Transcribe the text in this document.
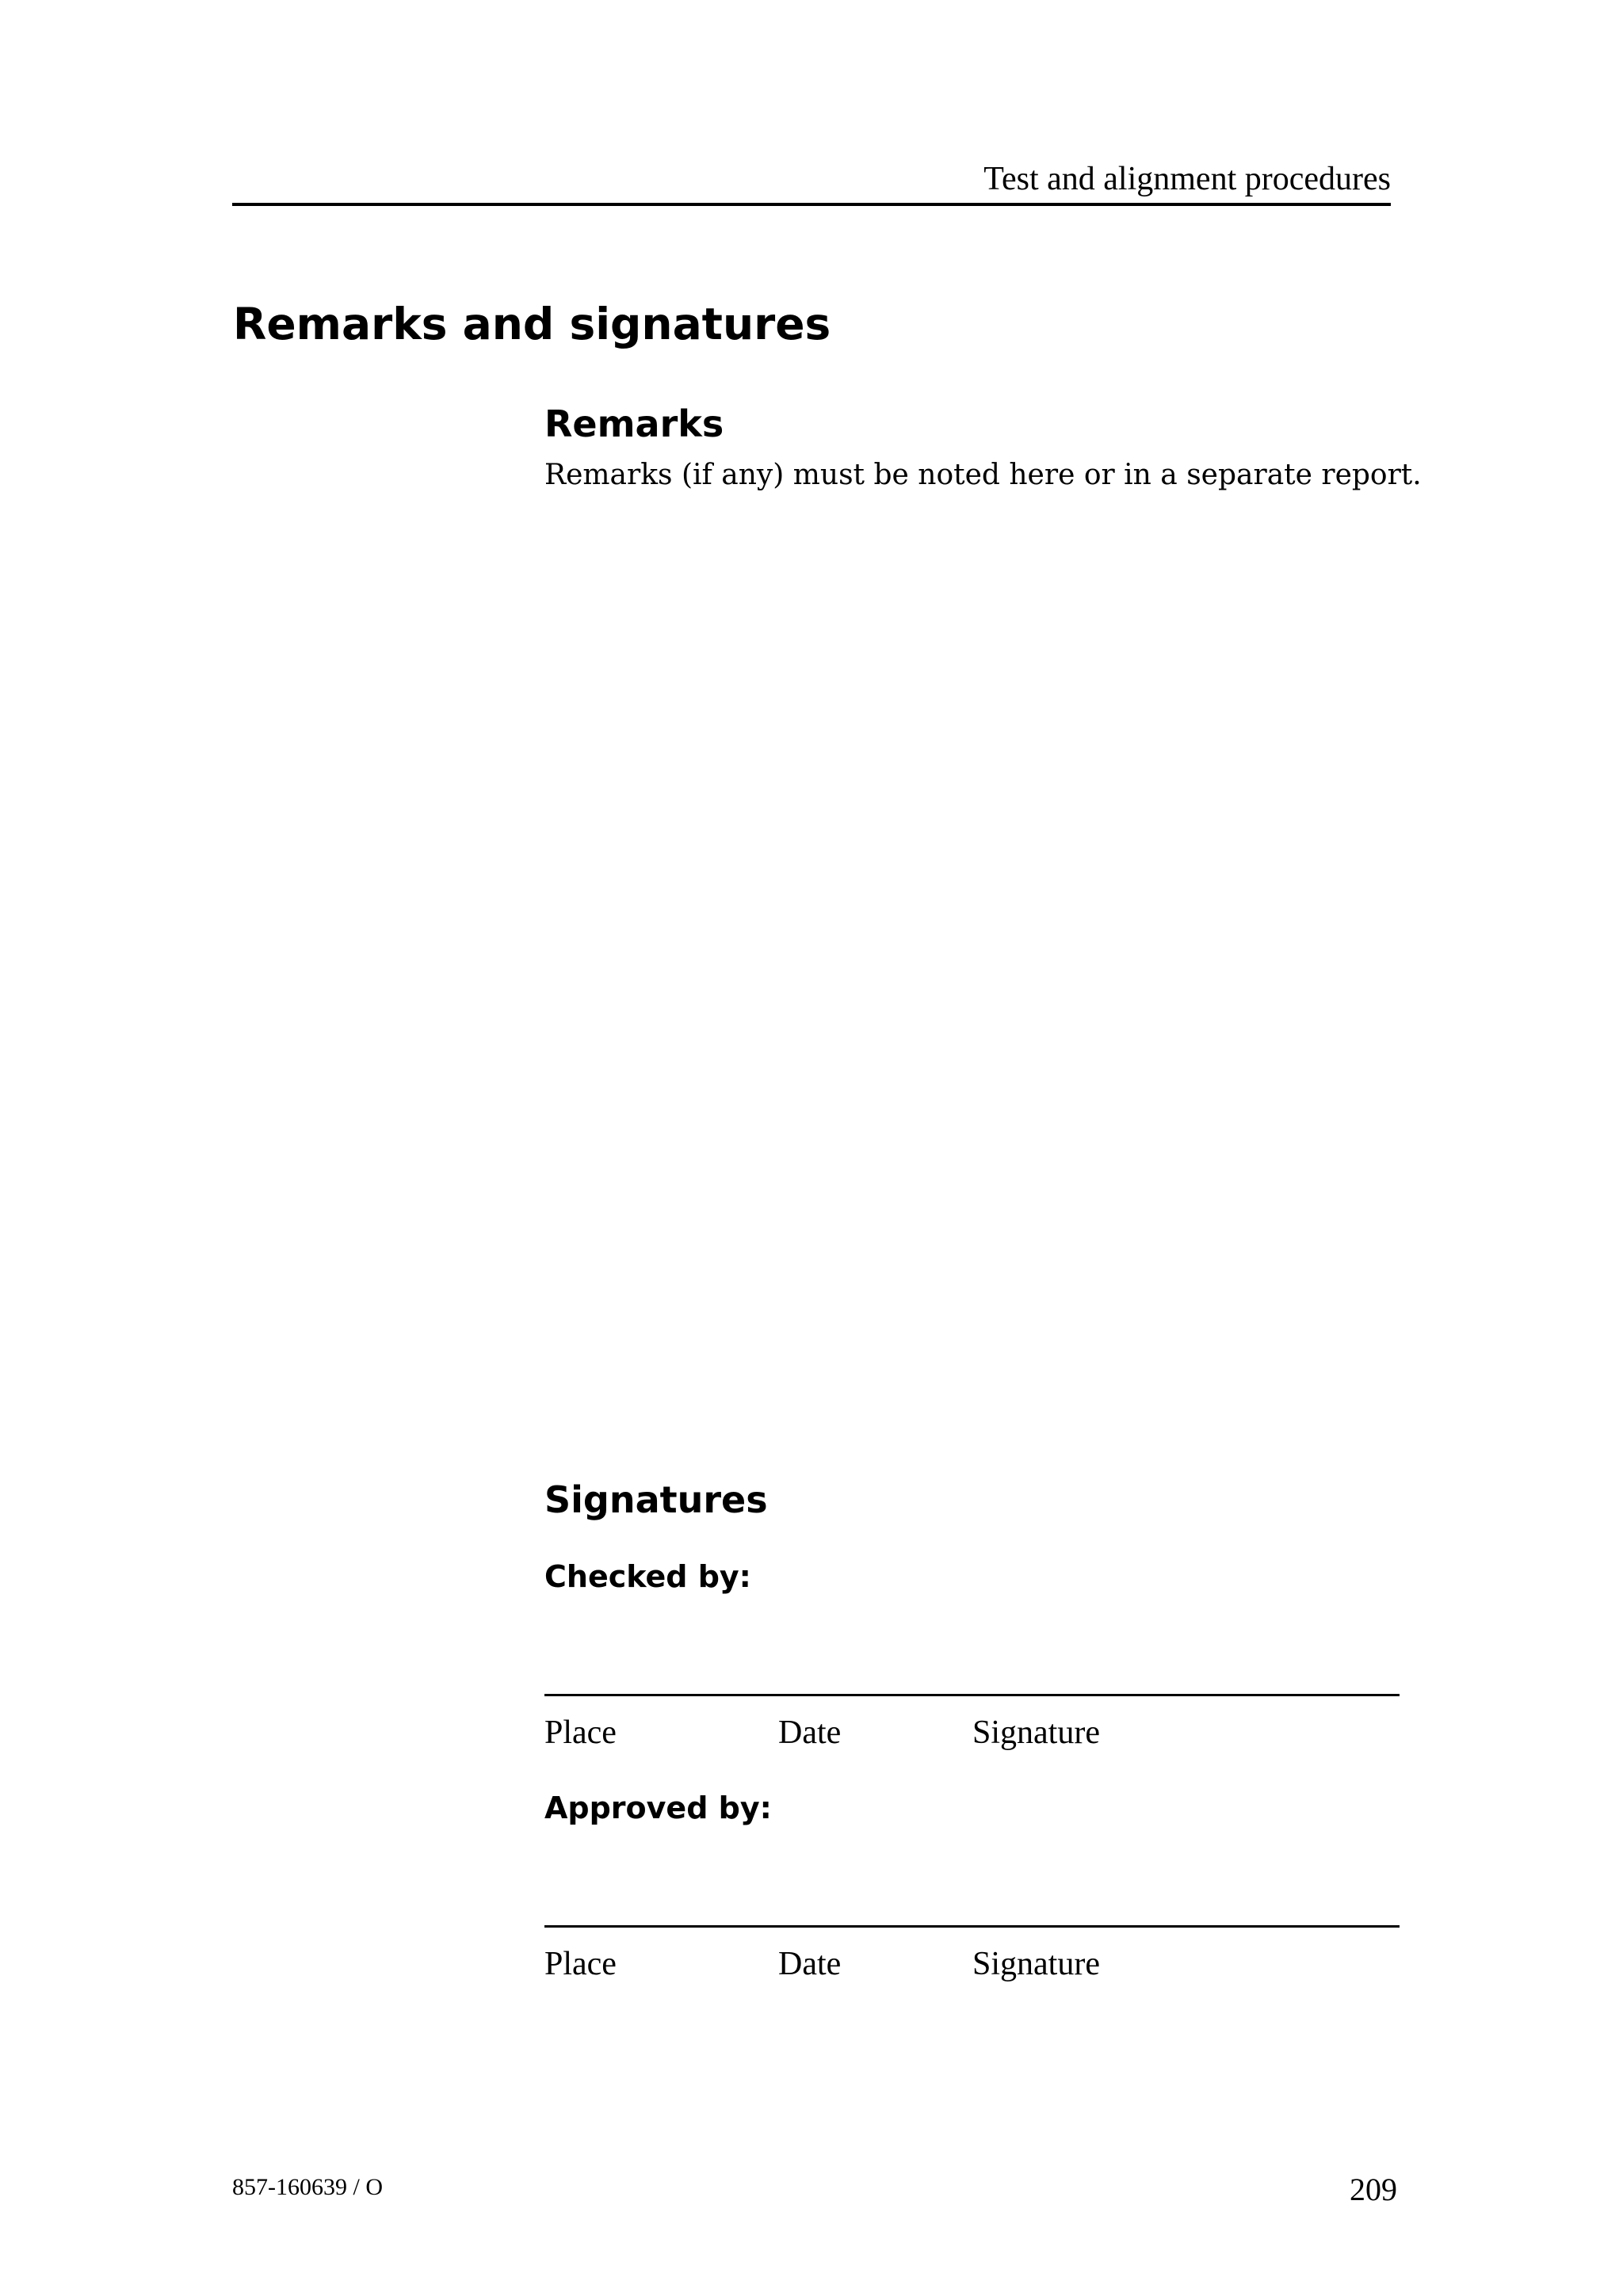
Test and alignment procedures
Remarks and signatures
Remarks

Remarks (if any) must be noted here or in a separate report.

Signatures
Checked by:
Place	Date	Signature
Approved by:
Place	Date	Signature
857-160639 / O	209
